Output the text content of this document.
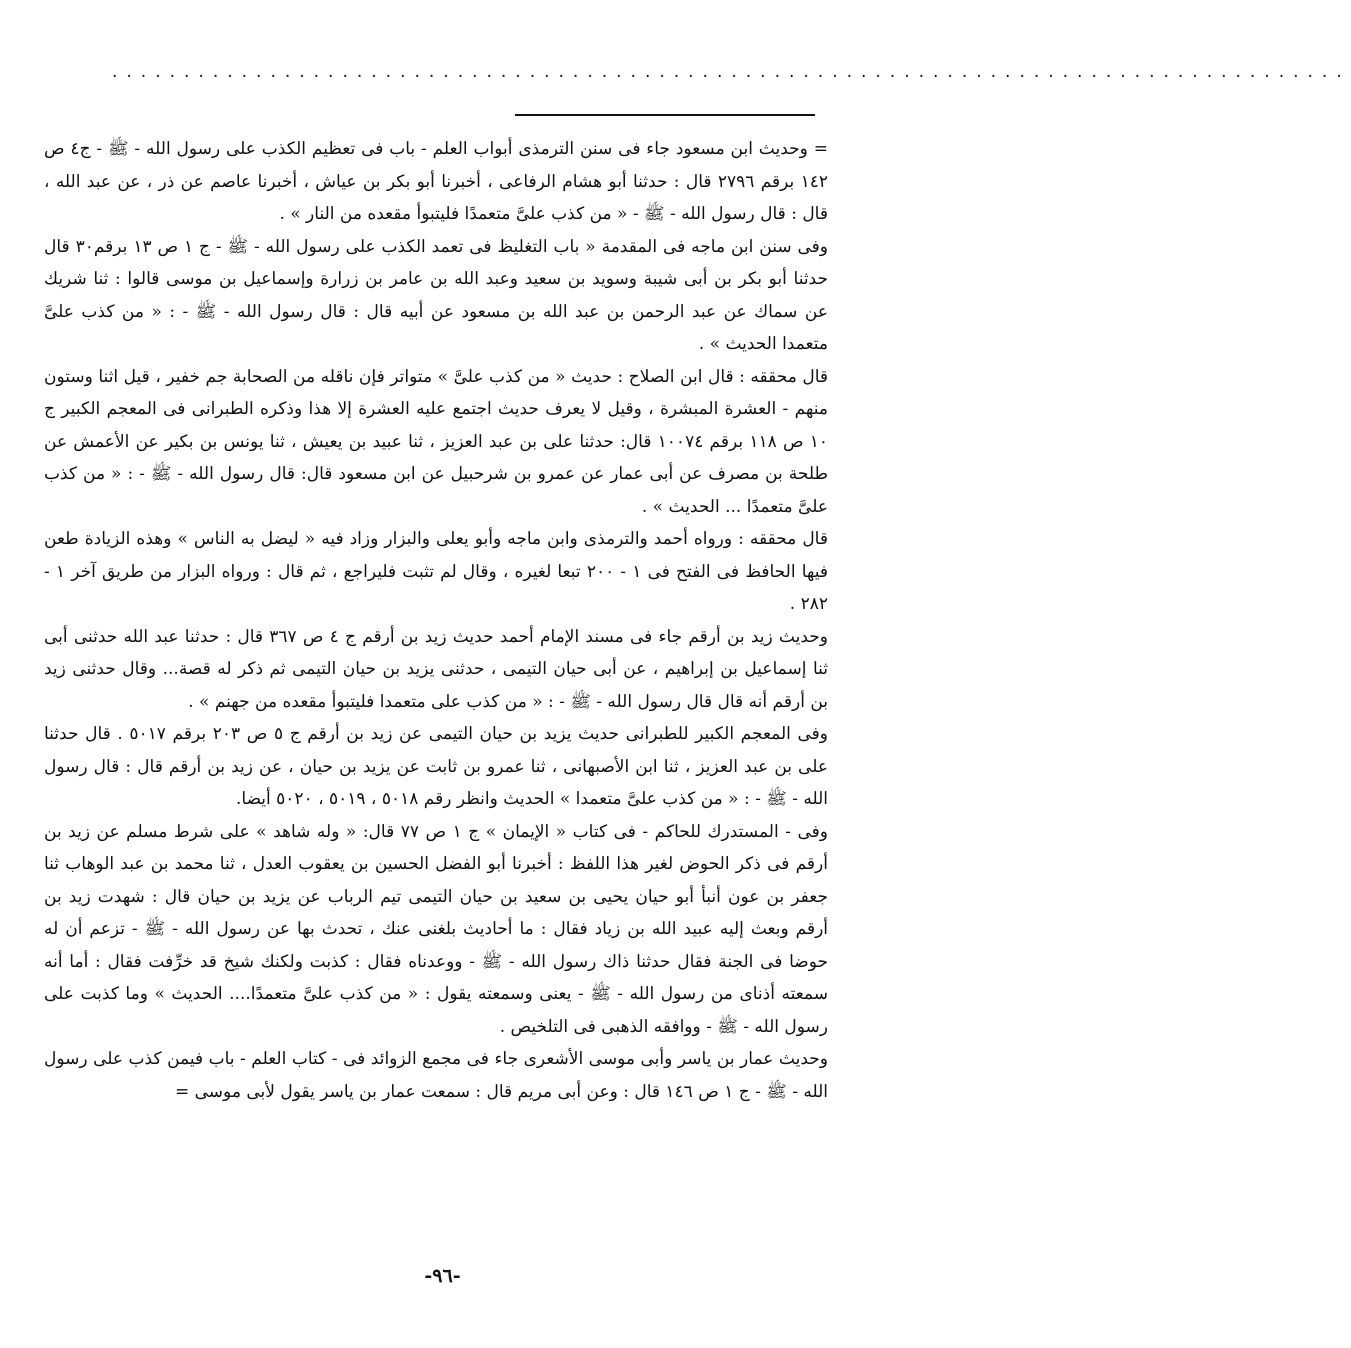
......................................................................................

= وحديث ابن مسعود جاء فى سنن الترمذى أبواب العلم - باب فى تعظيم الكذب على رسول الله - ﷺ - ج٤ ص ١٤٢ برقم ٢٧٩٦ قال : حدثنا أبو هشام الرفاعى ، أخبرنا أبو بكر بن عياش ، أخبرنا عاصم عن ذر ، عن عبد الله ، قال : قال رسول الله - ﷺ - « من كذب علىَّ متعمدًا فليتبوأ مقعده من النار » .

وفى سنن ابن ماجه فى المقدمة « باب التغليظ فى تعمد الكذب على رسول الله - ﷺ - ج ١ ص ١٣ برقم٣٠ قال حدثنا أبو بكر بن أبى شيبة وسويد بن سعيد وعبد الله بن عامر بن زرارة وإسماعيل بن موسى قالوا : ثنا شريك عن سماك عن عبد الرحمن بن عبد الله بن مسعود عن أبيه قال : قال رسول الله - ﷺ - : « من كذب علىَّ متعمدا الحديث » .

قال محققه : قال ابن الصلاح : حديث « من كذب علىَّ » متواتر فإن ناقله من الصحابة جم خفير ، قيل اثنا وستون منهم - العشرة المبشرة ، وقيل لا يعرف حديث اجتمع عليه العشرة إلا هذا وذكره الطبرانى فى المعجم الكبير ج ١٠ ص ١١٨ برقم ١٠٠٧٤ قال: حدثنا على بن عبد العزيز ، ثنا عبيد بن يعيش ، ثنا يونس بن بكير عن الأعمش عن طلحة بن مصرف عن أبى عمار عن عمرو بن شرحبيل عن ابن مسعود قال: قال رسول الله - ﷺ - : « من كذب علىَّ متعمدًا ... الحديث » .

قال محققه : ورواه أحمد والترمذى وابن ماجه وأبو يعلى والبزار وزاد فيه « ليضل به الناس » وهذه الزيادة طعن فيها الحافظ فى الفتح فى ١ - ٢٠٠ تبعا لغيره ، وقال لم تثبت فليراجع ، ثم قال : ورواه البزار من طريق آخر ١ - ٢٨٢ .

وحديث زيد بن أرقم جاء فى مسند الإمام أحمد حديث زيد بن أرقم ج ٤ ص ٣٦٧ قال : حدثنا عبد الله حدثنى أبى ثنا إسماعيل بن إبراهيم ، عن أبى حيان التيمى ، حدثنى يزيد بن حيان التيمى ثم ذكر له قصة... وقال حدثنى زيد بن أرقم أنه قال قال رسول الله - ﷺ - : « من كذب على متعمدا فليتبوأ مقعده من جهنم » .

وفى المعجم الكبير للطبرانى حديث يزيد بن حيان التيمى عن زيد بن أرقم ج ٥ ص ٢٠٣ برقم ٥٠١٧ . قال حدثنا على بن عبد العزيز ، ثنا ابن الأصبهانى ، ثنا عمرو بن ثابت عن يزيد بن حيان ، عن زيد بن أرقم قال : قال رسول الله - ﷺ - : « من كذب علىَّ متعمدا » الحديث وانظر رقم ٥٠١٨ ، ٥٠١٩ ، ٥٠٢٠ أيضا.

وفى - المستدرك للحاكم - فى كتاب « الإيمان » ج ١ ص ٧٧ قال: « وله شاهد » على شرط مسلم عن زيد بن أرقم فى ذكر الحوض لغير هذا اللفظ : أخبرنا أبو الفضل الحسين بن يعقوب العدل ، ثنا محمد بن عبد الوهاب ثنا جعفر بن عون أنبأ أبو حيان يحيى بن سعيد بن حيان التيمى تيم الرباب عن يزيد بن حيان قال : شهدت زيد بن أرقم وبعث إليه عبيد الله بن زياد فقال : ما أحاديث بلغنى عنك ، تحدث بها عن رسول الله - ﷺ - تزعم أن له حوضا فى الجنة فقال حدثنا ذاك رسول الله - ﷺ - ووعدناه فقال : كذبت ولكنك شيخ قد خرِّفت فقال : أما أنه سمعته أذناى من رسول الله - ﷺ - يعنى وسمعته يقول : « من كذب علىَّ متعمدًا.... الحديث » وما كذبت على رسول الله - ﷺ - ووافقه الذهبى فى التلخيص .

وحديث عمار بن ياسر وأبى موسى الأشعرى جاء فى مجمع الزوائد فى - كتاب العلم - باب فيمن كذب على رسول الله - ﷺ - ج ١ ص ١٤٦ قال : وعن أبى مريم قال : سمعت عمار بن ياسر يقول لأبى موسى =

-٩٦-
